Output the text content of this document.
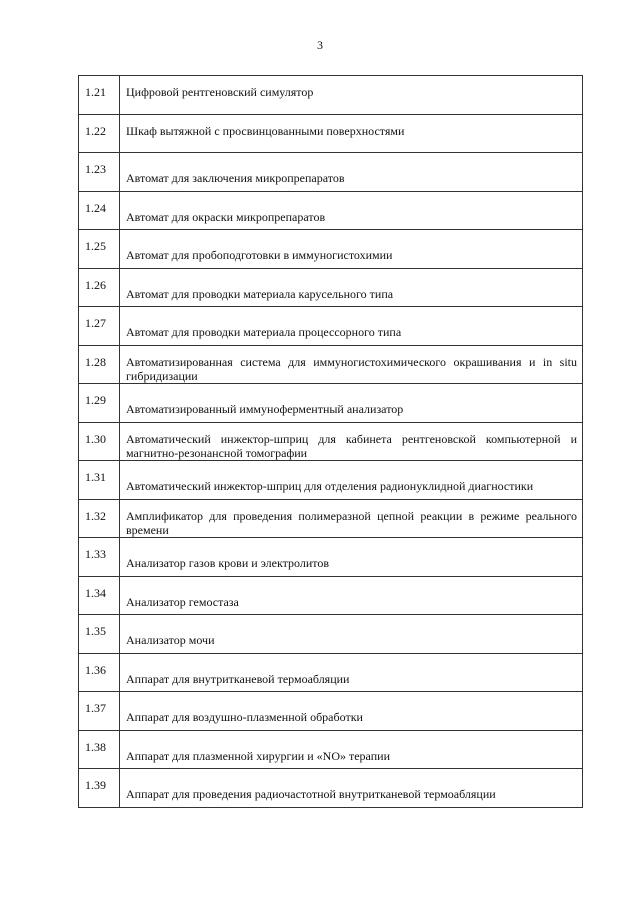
3
1.21	Цифровой рентгеновский симулятор
1.22	Шкаф вытяжной с просвинцованными поверхностями
1.23	Автомат для заключения микропрепаратов
1.24	Автомат для окраски микропрепаратов
1.25	Автомат для пробоподготовки в иммуногистохимии
1.26	Автомат для проводки материала карусельного типа
1.27	Автомат для проводки материала процессорного типа
1.28	Автоматизированная система для иммуногистохимического окрашивания и in situ гибридизации
1.29	Автоматизированный иммуноферментный анализатор
1.30	Автоматический инжектор-шприц для кабинета рентгеновской компьютерной и магнитно-резонансной томографии
1.31	Автоматический инжектор-шприц для отделения радионуклидной диагностики
1.32	Амплификатор для проведения полимеразной цепной реакции в режиме реального времени
1.33	Анализатор газов крови и электролитов
1.34	Анализатор гемостаза
1.35	Анализатор мочи
1.36	Аппарат для внутритканевой термоабляции
1.37	Аппарат для воздушно-плазменной обработки
1.38	Аппарат для плазменной хирургии и «NO» терапии
1.39	Аппарат для проведения радиочастотной внутритканевой термоабляции
